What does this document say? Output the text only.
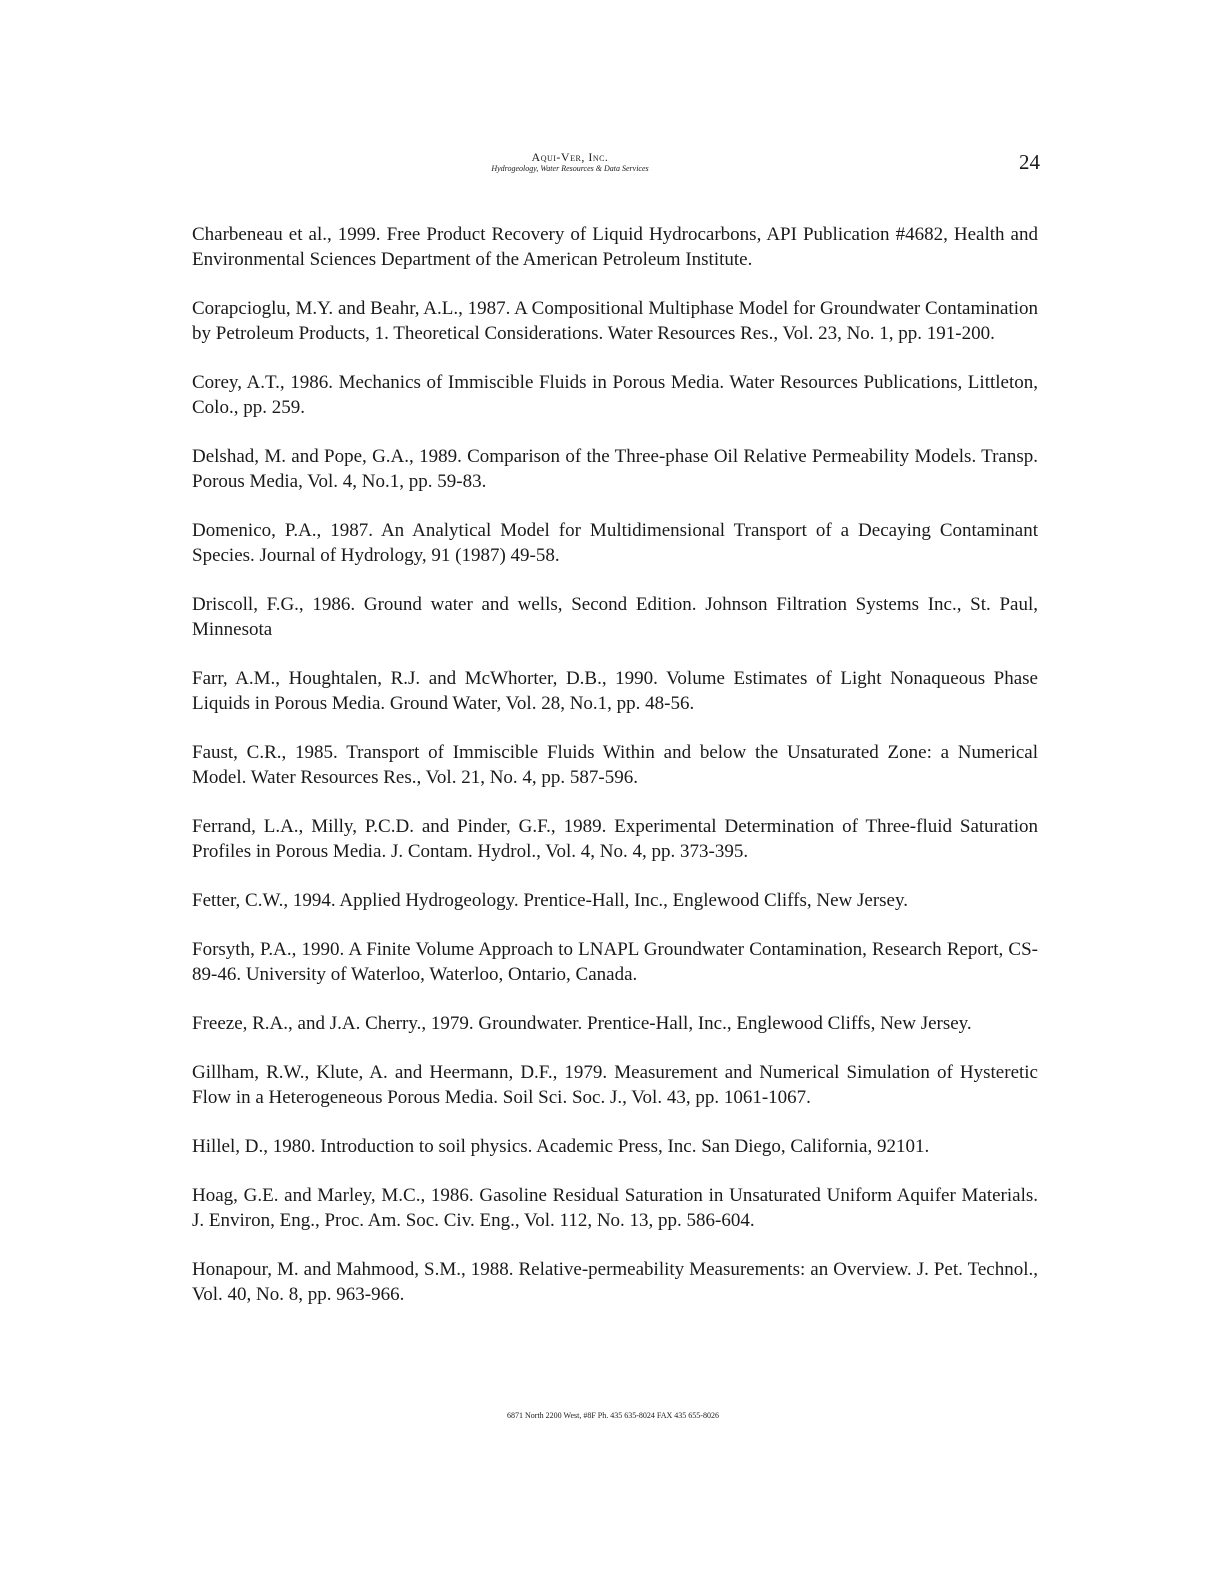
Aqui-Ver, Inc.
Hydrogeology, Water Resources & Data Services	24

Charbeneau et al., 1999. Free Product Recovery of Liquid Hydrocarbons, API Publication #4682, Health and Environmental Sciences Department of the American Petroleum Institute.

Corapcioglu, M.Y. and Beahr, A.L., 1987. A Compositional Multiphase Model for Groundwater Contamination by Petroleum Products, 1. Theoretical Considerations. Water Resources Res., Vol. 23, No. 1, pp. 191-200.

Corey, A.T., 1986. Mechanics of Immiscible Fluids in Porous Media. Water Resources Publications, Littleton, Colo., pp. 259.

Delshad, M. and Pope, G.A., 1989. Comparison of the Three-phase Oil Relative Permeability Models. Transp. Porous Media, Vol. 4, No.1, pp. 59-83.

Domenico, P.A., 1987. An Analytical Model for Multidimensional Transport of a Decaying Contaminant Species. Journal of Hydrology, 91 (1987) 49-58.

Driscoll, F.G., 1986. Ground water and wells, Second Edition. Johnson Filtration Systems Inc., St. Paul, Minnesota

Farr, A.M., Houghtalen, R.J. and McWhorter, D.B., 1990. Volume Estimates of Light Nonaqueous Phase Liquids in Porous Media. Ground Water, Vol. 28, No.1, pp. 48-56.

Faust, C.R., 1985. Transport of Immiscible Fluids Within and below the Unsaturated Zone: a Numerical Model. Water Resources Res., Vol. 21, No. 4, pp. 587-596.

Ferrand, L.A., Milly, P.C.D. and Pinder, G.F., 1989. Experimental Determination of Three-fluid Saturation Profiles in Porous Media. J. Contam. Hydrol., Vol. 4, No. 4, pp. 373-395.

Fetter, C.W., 1994. Applied Hydrogeology. Prentice-Hall, Inc., Englewood Cliffs, New Jersey.

Forsyth, P.A., 1990. A Finite Volume Approach to LNAPL Groundwater Contamination, Research Report, CS-89-46. University of Waterloo, Waterloo, Ontario, Canada.

Freeze, R.A., and J.A. Cherry., 1979. Groundwater. Prentice-Hall, Inc., Englewood Cliffs, New Jersey.

Gillham, R.W., Klute, A. and Heermann, D.F., 1979. Measurement and Numerical Simulation of Hysteretic Flow in a Heterogeneous Porous Media. Soil Sci. Soc. J., Vol. 43, pp. 1061-1067.

Hillel, D., 1980. Introduction to soil physics. Academic Press, Inc. San Diego, California, 92101.

Hoag, G.E. and Marley, M.C., 1986. Gasoline Residual Saturation in Unsaturated Uniform Aquifer Materials. J. Environ, Eng., Proc. Am. Soc. Civ. Eng., Vol. 112, No. 13, pp. 586-604.

Honapour, M. and Mahmood, S.M., 1988. Relative-permeability Measurements: an Overview. J. Pet. Technol., Vol. 40, No. 8, pp. 963-966.

6871 North 2200 West, #8F Ph. 435 635-8024 FAX 435 655-8026
